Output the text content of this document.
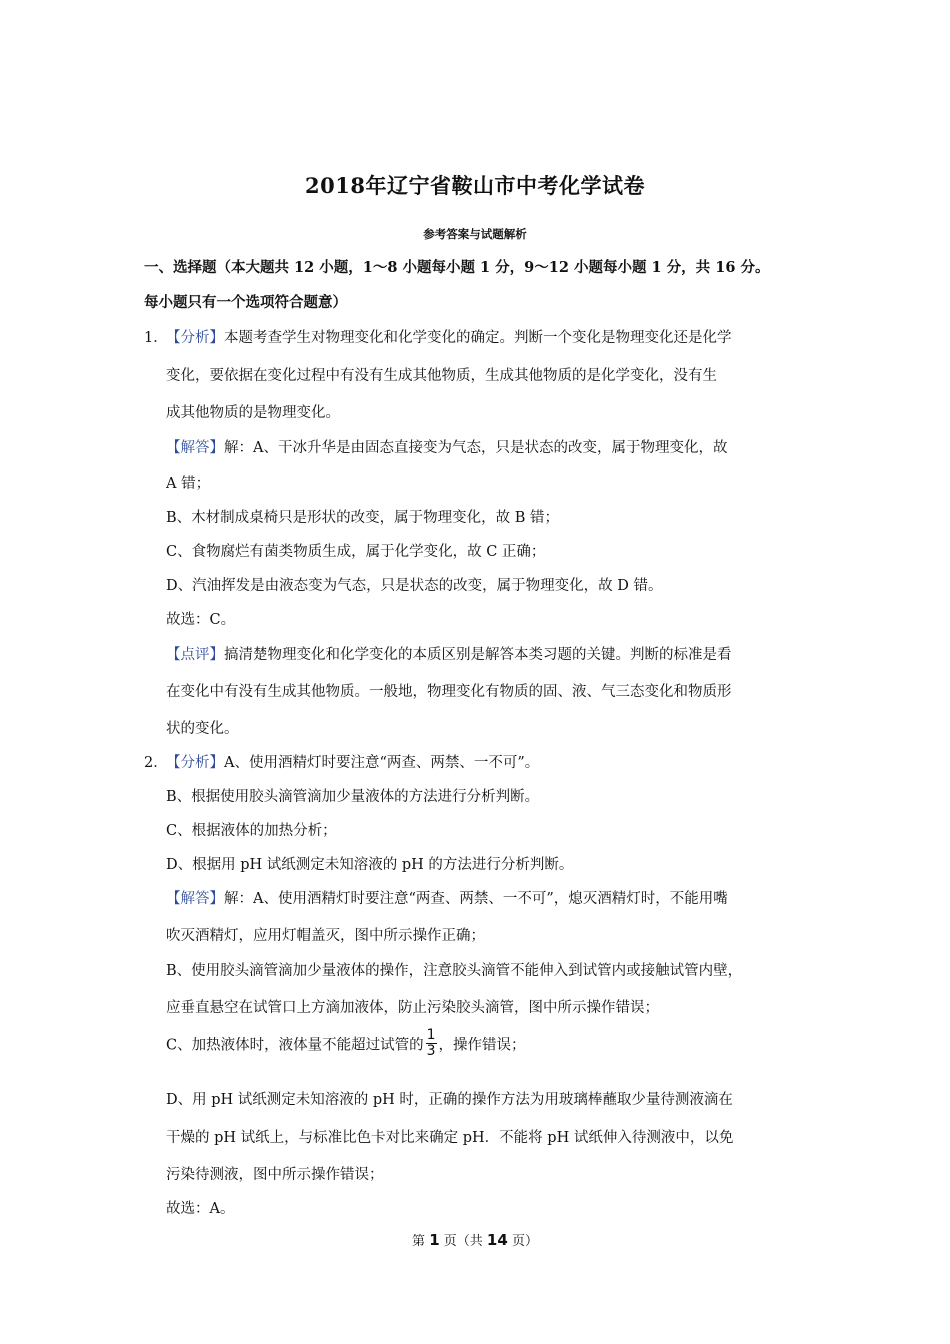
2018年辽宁省鞍山市中考化学试卷
参考答案与试题解析
一、选择题（本大题共 12 小题，1～8 小题每小题 1 分，9～12 小题每小题 1 分，共 16 分。
每小题只有一个选项符合题意）
1．
【分析】本题考查学生对物理变化和化学变化的确定。判断一个变化是物理变化还是化学
变化，要依据在变化过程中有没有生成其他物质，生成其他物质的是化学变化，没有生
成其他物质的是物理变化。
【解答】解：A、干冰升华是由固态直接变为气态，只是状态的改变，属于物理变化，故
A 错；
B、木材制成桌椅只是形状的改变，属于物理变化，故 B 错；
C、食物腐烂有菌类物质生成，属于化学变化，故 C 正确；
D、汽油挥发是由液态变为气态，只是状态的改变，属于物理变化，故 D 错。
故选：C。
【点评】搞清楚物理变化和化学变化的本质区别是解答本类习题的关键。判断的标准是看
在变化中有没有生成其他物质。一般地，物理变化有物质的固、液、气三态变化和物质形
状的变化。
2．
【分析】A、使用酒精灯时要注意“两查、两禁、一不可”。
B、根据使用胶头滴管滴加少量液体的方法进行分析判断。
C、根据液体的加热分析；
D、根据用 pH 试纸测定未知溶液的 pH 的方法进行分析判断。
【解答】解：A、使用酒精灯时要注意“两查、两禁、一不可”，熄灭酒精灯时，不能用嘴
吹灭酒精灯，应用灯帽盖灭，图中所示操作正确；
B、使用胶头滴管滴加少量液体的操作，注意胶头滴管不能伸入到试管内或接触试管内壁，
应垂直悬空在试管口上方滴加液体，防止污染胶头滴管，图中所示操作错误；
C、加热液体时，液体量不能超过试管的 $\frac{1}{3}$ ，操作错误；
D、用 pH 试纸测定未知溶液的 pH 时，正确的操作方法为用玻璃棒蘸取少量待测液滴在
干燥的 pH 试纸上，与标准比色卡对比来确定 pH．不能将 pH 试纸伸入待测液中，以免
污染待测液，图中所示操作错误；
故选：A。
第 1 页（共 14 页）
